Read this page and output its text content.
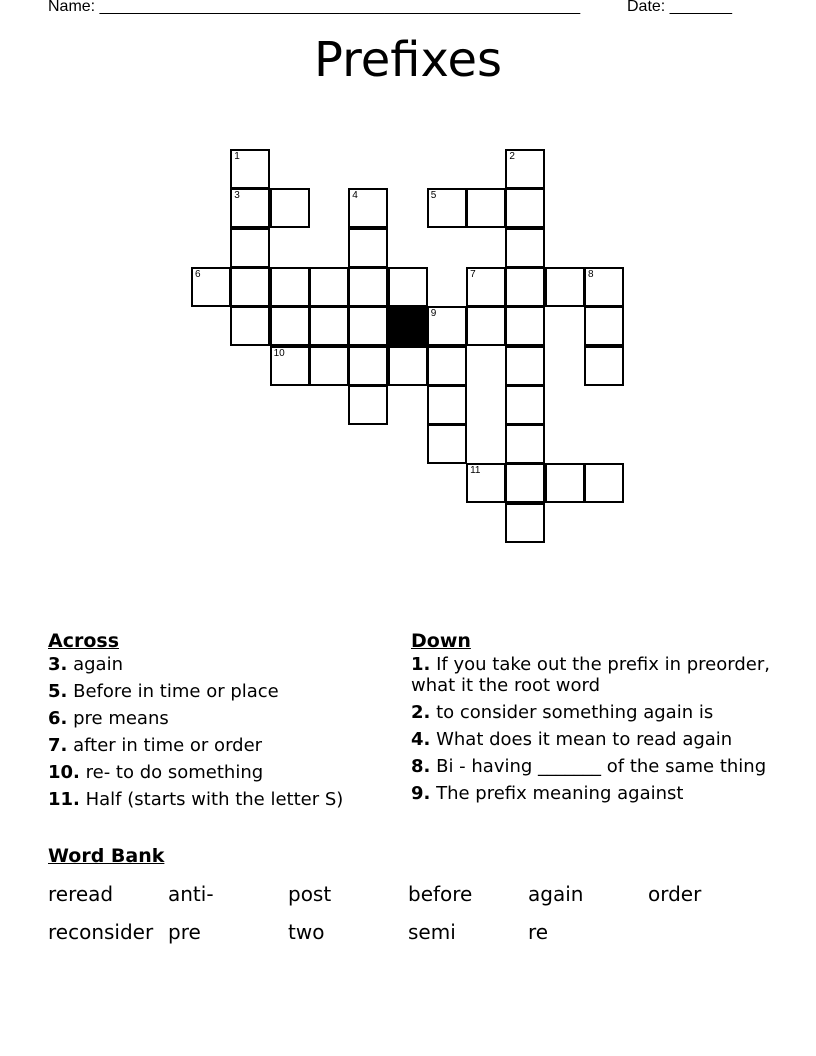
Name: ______________________________________________________	Date: _______
Prefixes
1	2
3	4	5
6	7	8
9
10
11
Across
3. again
5. Before in time or place
6. pre means
7. after in time or order
10. re- to do something
11. Half (starts with the letter S)
Down
1. If you take out the prefix in preorder, what it the root word
2. to consider something again is
4. What does it mean to read again
8. Bi - having _______ of the same thing
9. The prefix meaning against
Word Bank
reread	anti-	post	before	again	order
reconsider pre	two	semi	re
